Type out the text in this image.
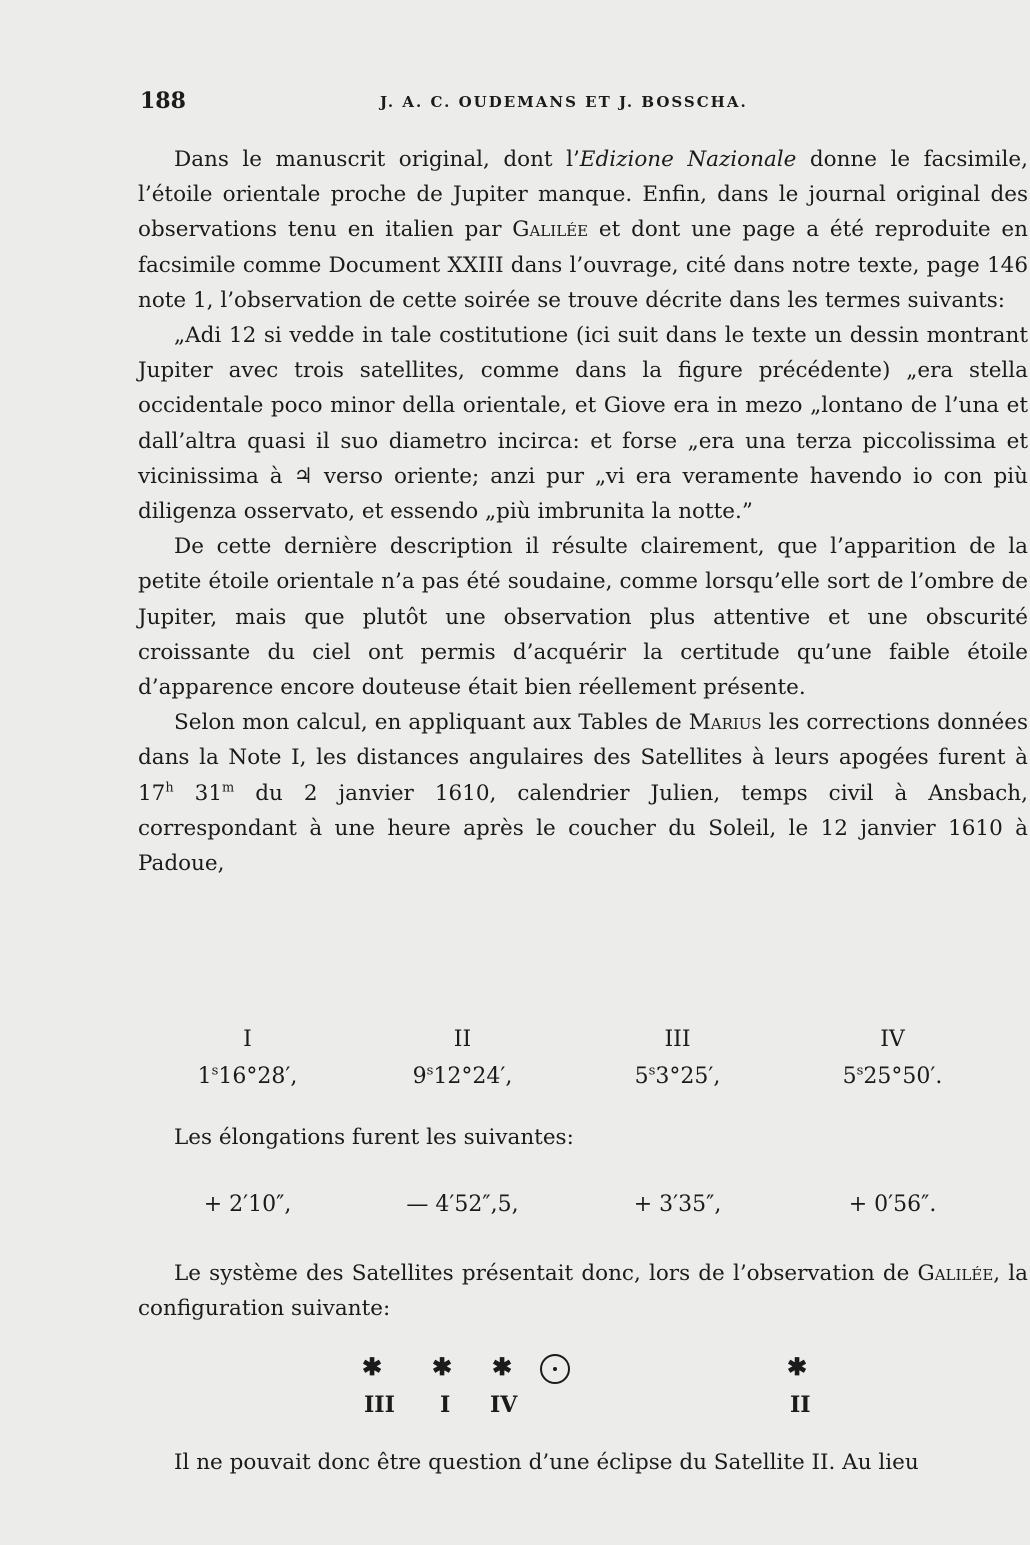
188	J. A. C. OUDEMANS ET J. BOSSCHA.

Dans le manuscrit original, dont l’Edizione Nazionale donne le facsimile, l’étoile orientale proche de Jupiter manque. Enfin, dans le journal original des observations tenu en italien par Galilée et dont une page a été reproduite en facsimile comme Document XXIII dans l’ouvrage, cité dans notre texte, page 146 note 1, l’observation de cette soirée se trouve décrite dans les termes suivants:

„Adi 12 si vedde in tale costitutione (ici suit dans le texte un dessin montrant Jupiter avec trois satellites, comme dans la figure précédente) „era stella occidentale poco minor della orientale, et Giove era in mezo „lontano de l’una et dall’altra quasi il suo diametro incirca: et forse „era una terza piccolissima et vicinissima à ♃ verso oriente; anzi pur „vi era veramente havendo io con più diligenza osservato, et essendo „più imbrunita la notte.”

De cette dernière description il résulte clairement, que l’apparition de la petite étoile orientale n’a pas été soudaine, comme lorsqu’elle sort de l’ombre de Jupiter, mais que plutôt une observation plus attentive et une obscurité croissante du ciel ont permis d’acquérir la certitude qu’une faible étoile d’apparence encore douteuse était bien réellement présente.

Selon mon calcul, en appliquant aux Tables de Marius les corrections données dans la Note I, les distances angulaires des Satellites à leurs apogées furent à 17$^h$ 31$^m$ du 2 janvier 1610, calendrier Julien, temps civil à Ansbach, correspondant à une heure après le coucher du Soleil, le 12 janvier 1610 à Padoue,

I	II	III	IV
1$^s$16°28′,	9$^s$12°24′,	5$^s$3°25′,	5$^s$25°50′.
Les élongations furent les suivantes:
+ 2′10″,	— 4′52″,5,	+ 3′35″,	+ 0′56″.

Le système des Satellites présentait donc, lors de l’observation de Galilée, la configuration suivante:

✱ ✱ ✱	✱
III I IV	II
Il ne pouvait donc être question d’une éclipse du Satellite II. Au lieu
